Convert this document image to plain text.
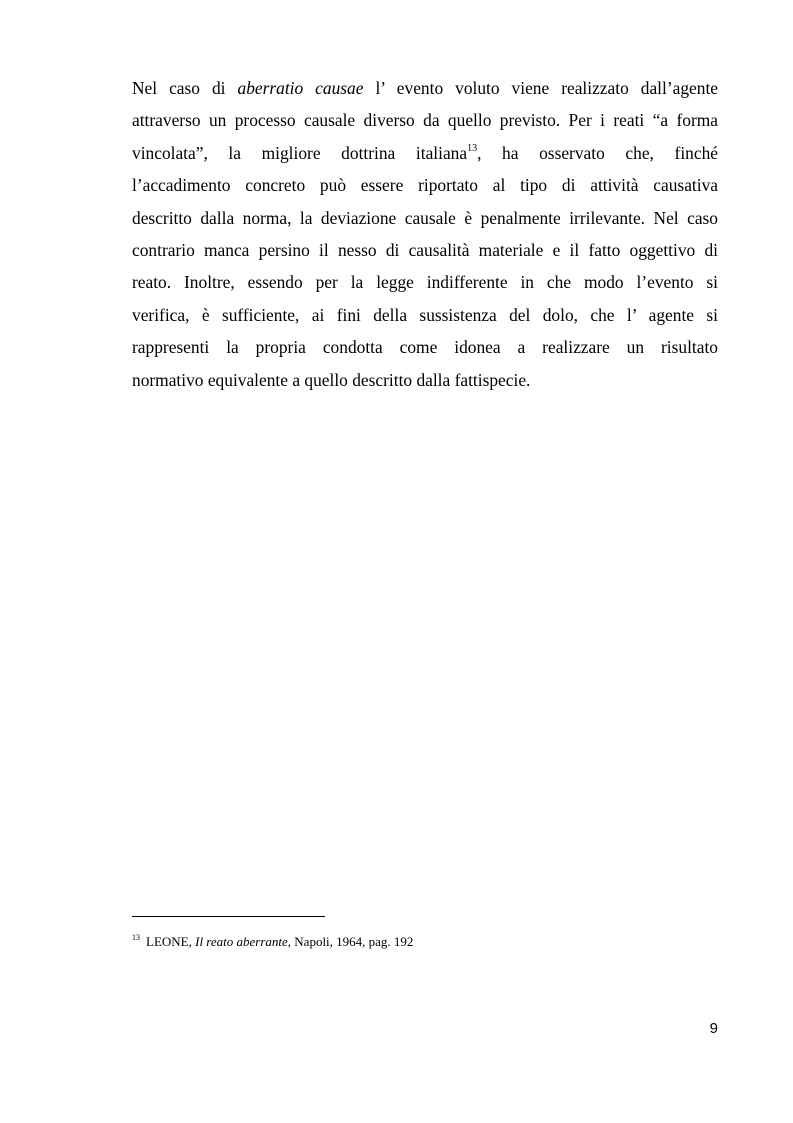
Nel caso di aberratio causae l’ evento voluto viene realizzato dall’agente
attraverso un processo causale diverso da quello previsto. Per i reati “a forma
vincolata”, la migliore dottrina italiana$^{13}$, ha osservato che, finché
l’accadimento concreto può essere riportato al tipo di attività causativa
descritto dalla norma, la deviazione causale è penalmente irrilevante. Nel caso
contrario manca persino il nesso di causalità materiale e il fatto oggettivo di
reato. Inoltre, essendo per la legge indifferente in che modo l’evento si
verifica, è sufficiente, ai fini della sussistenza del dolo, che l’ agente si
rappresenti la propria condotta come idonea a realizzare un risultato
normativo equivalente a quello descritto dalla fattispecie.
$^{13}$ LEONE, Il reato aberrante, Napoli, 1964, pag. 192
9
